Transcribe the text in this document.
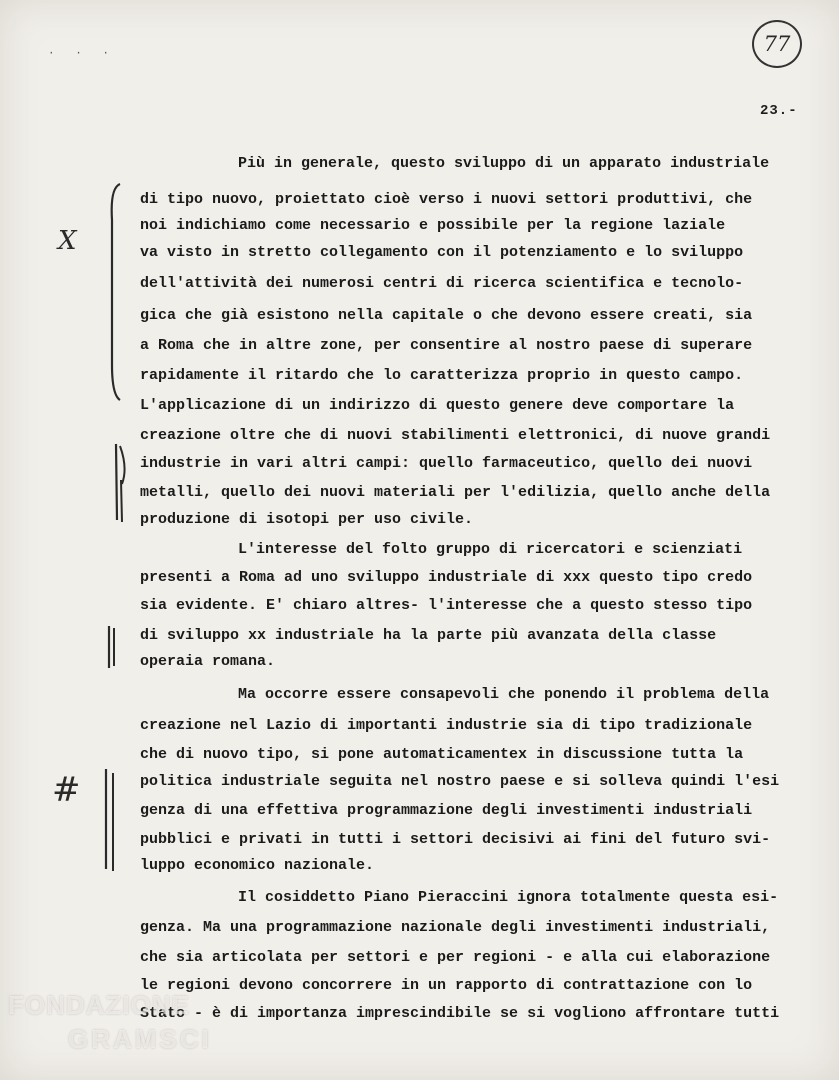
· · ·	77
23.-
X
#
Più in generale, questo sviluppo di un apparato industriale
di tipo nuovo, proiettato cioè verso i nuovi settori produttivi, che
noi indichiamo come necessario e possibile per la regione laziale
va visto in stretto collegamento con il potenziamento e lo sviluppo
dell'attività dei numerosi centri di ricerca scientifica e tecnolo-
gica che già esistono nella capitale o che devono essere creati, sia
a Roma che in altre zone, per consentire al nostro paese di superare
rapidamente il ritardo che lo caratterizza proprio in questo campo.
L'applicazione di un indirizzo di questo genere deve comportare la
creazione oltre che di nuovi stabilimenti elettronici, di nuove grandi
industrie in vari altri campi: quello farmaceutico, quello dei nuovi
metalli, quello dei nuovi materiali per l'edilizia, quello anche della
produzione di isotopi per uso civile.
L'interesse del folto gruppo di ricercatori e scienziati
presenti a Roma ad uno sviluppo industriale di xxx questo tipo credo
sia evidente. E' chiaro altres- l'interesse che a questo stesso tipo
di sviluppo xx industriale ha la parte più avanzata della classe
operaia romana.
Ma occorre essere consapevoli che ponendo il problema della
creazione nel Lazio di importanti industrie sia di tipo tradizionale
che di nuovo tipo, si pone automaticamentex in discussione tutta la
politica industriale seguita nel nostro paese e si solleva quindi l'esi
genza di una effettiva programmazione degli investimenti industriali
pubblici e privati in tutti i settori decisivi ai fini del futuro svi-
luppo economico nazionale.
Il cosiddetto Piano Pieraccini ignora totalmente questa esi-
genza. Ma una programmazione nazionale degli investimenti industriali,
che sia articolata per settori e per regioni - e alla cui elaborazione
le regioni devono concorrere in un rapporto di contrattazione con lo
Stato - è di importanza imprescindibile se si vogliono affrontare tutti
FONDAZIONE
GRAMSCI
